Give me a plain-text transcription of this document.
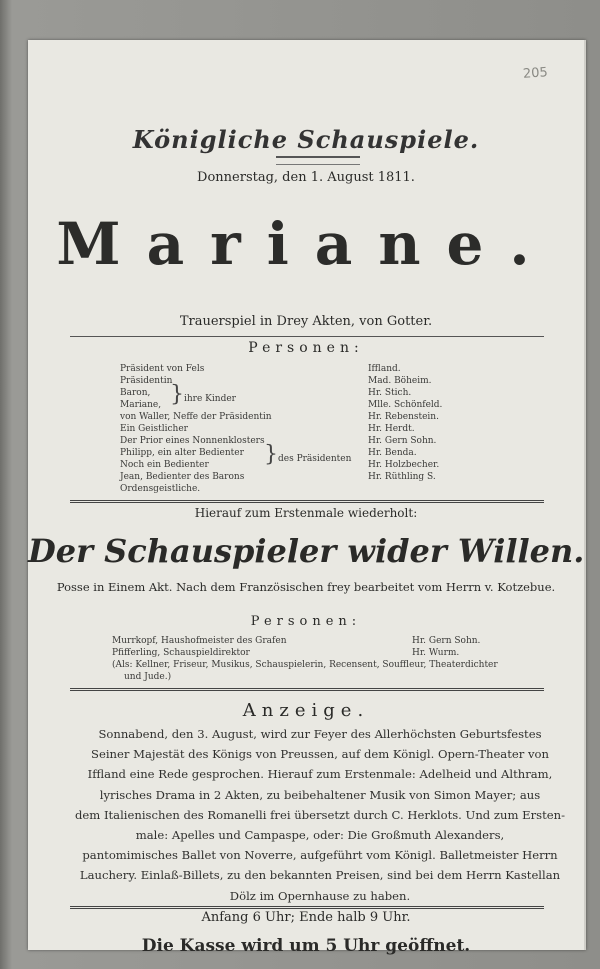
205
Königliche Schauspiele.
Donnerstag, den 1. August 1811.
Mariane.
Trauerspiel in Drey Akten, von Gotter.
Personen:
Präsident von Fels	Iffland.
Präsidentin	Mad. Böheim.
Baron,	Hr. Stich.
Mariane,	Mlle. Schönfeld.
} ihre Kinder
von Waller, Neffe der Präsidentin	Hr. Rebenstein.
Ein Geistlicher	Hr. Herdt.
Der Prior eines Nonnenklosters	Hr. Gern Sohn.
Philipp, ein alter Bedienter	Hr. Benda.
Noch ein Bedienter	Hr. Holzbecher.
} des Präsidenten
Jean, Bedienter des Barons	Hr. Rüthling S.
Ordensgeistliche.
Hierauf zum Erstenmale wiederholt:
Der Schauspieler wider Willen.
Posse in Einem Akt. Nach dem Französischen frey bearbeitet vom Herrn v. Kotzebue.
Personen:
Murrkopf, Haushofmeister des Grafen	Hr. Gern Sohn.
Pfifferling, Schauspieldirektor	Hr. Wurm.
(Als: Kellner, Friseur, Musikus, Schauspielerin, Recensent, Souffleur, Theaterdichter
und Jude.)
Anzeige.
Sonnabend, den 3. August, wird zur Feyer des Allerhöchsten Geburtsfestes
Seiner Majestät des Königs von Preussen, auf dem Königl. Opern-Theater von
Iffland eine Rede gesprochen. Hierauf zum Erstenmale: Adelheid und Althram,
lyrisches Drama in 2 Akten, zu beibehaltener Musik von Simon Mayer; aus
dem Italienischen des Romanelli frei übersetzt durch C. Herklots. Und zum Ersten-
male: Apelles und Campaspe, oder: Die Großmuth Alexanders,
pantomimisches Ballet von Noverre, aufgeführt vom Königl. Balletmeister Herrn
Lauchery. Einlaß-Billets, zu den bekannten Preisen, sind bei dem Herrn Kastellan
Dölz im Opernhause zu haben.
Anfang 6 Uhr; Ende halb 9 Uhr.
Die Kasse wird um 5 Uhr geöffnet.
